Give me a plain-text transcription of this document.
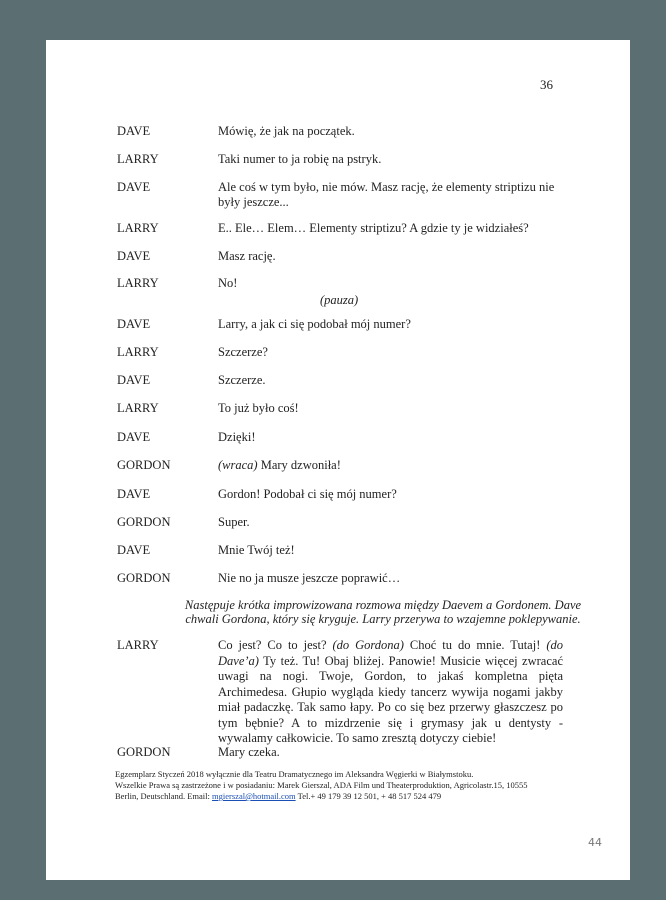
36
DAVE	Mówię, że jak na początek.
LARRY	Taki numer to ja robię na pstryk.
DAVE	Ale coś w tym było, nie mów. Masz rację, że elementy striptizu nie były jeszcze...
LARRY	E.. Ele… Elem… Elementy striptizu? A gdzie ty je widziałeś?
DAVE	Masz rację.
LARRY	No!
(pauza)
DAVE	Larry, a jak ci się podobał mój numer?
LARRY	Szczerze?
DAVE	Szczerze.
LARRY	To już było coś!
DAVE	Dzięki!
GORDON	(wraca) Mary dzwoniła!
DAVE	Gordon! Podobał ci się mój numer?
GORDON	Super.
DAVE	Mnie Twój też!
GORDON	Nie no ja musze jeszcze poprawić…
Następuje krótka improwizowana rozmowa między Daevem a Gordonem. Dave chwali Gordona, który się kryguje. Larry przerywa to wzajemne poklepywanie.
LARRY	Co jest? Co to jest? (do Gordona) Choć tu do mnie. Tutaj! (do Dave’a) Ty też. Tu! Obaj bliżej. Panowie! Musicie więcej zwracać uwagi na nogi. Twoje, Gordon, to jakaś kompletna pięta Archimedesa. Głupio wygląda kiedy tancerz wywija nogami jakby miał padaczkę. Tak samo łapy. Po co się bez przerwy głaszczesz po tym bębnie? A to mizdrzenie się i grymasy jak u dentysty - wywalamy całkowicie. To samo zresztą dotyczy ciebie!
GORDON	Mary czeka.
Egzemplarz Styczeń 2018 wyłącznie dla Teatru Dramatycznego im Aleksandra Węgierki w Białymstoku.
Wszelkie Prawa są zastrzeżone i w posiadaniu: Marek Gierszal, ADA Film und Theaterproduktion, Agricolastr.15, 10555
Berlin, Deutschland. Email: mgierszal@hotmail.com Tel.+ 49 179 39 12 501, + 48 517 524 479
44
